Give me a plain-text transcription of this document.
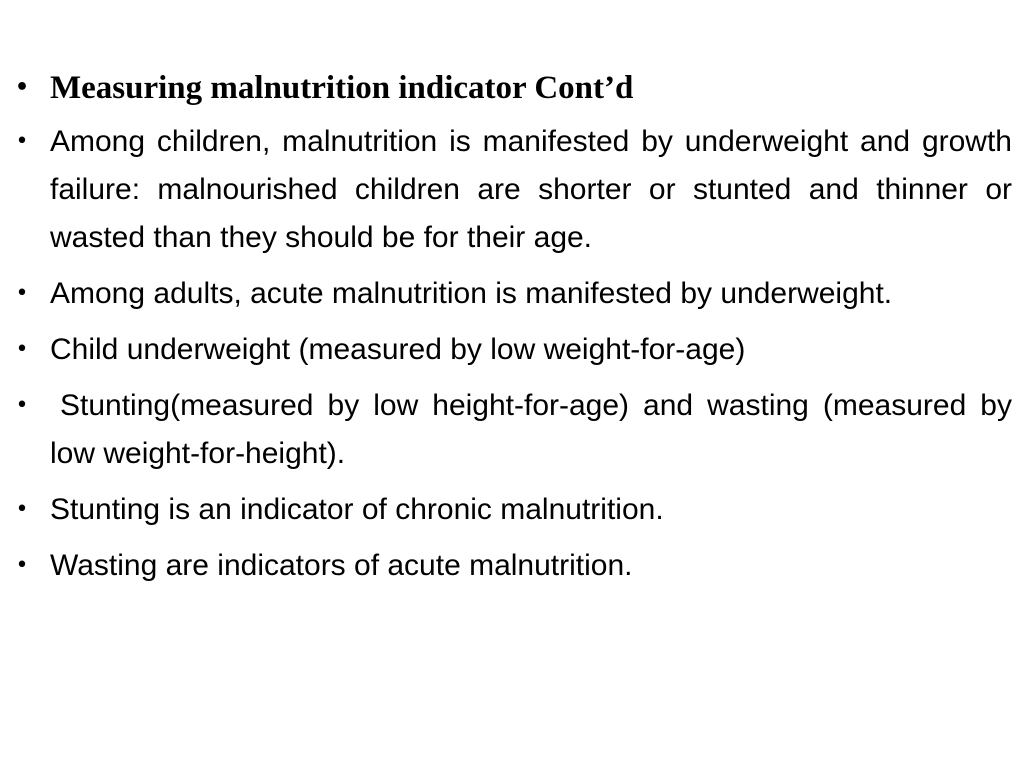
• Measuring malnutrition indicator Cont’d
• Among children, malnutrition is manifested by underweight and growth failure: malnourished children are shorter or stunted and thinner or wasted than they should be for their age.
• Among adults, acute malnutrition is manifested by underweight.
• Child underweight (measured by low weight-for-age)
• Stunting(measured by low height-for-age) and wasting (measured by low weight-for-height).
• Stunting is an indicator of chronic malnutrition.
• Wasting are indicators of acute malnutrition.
